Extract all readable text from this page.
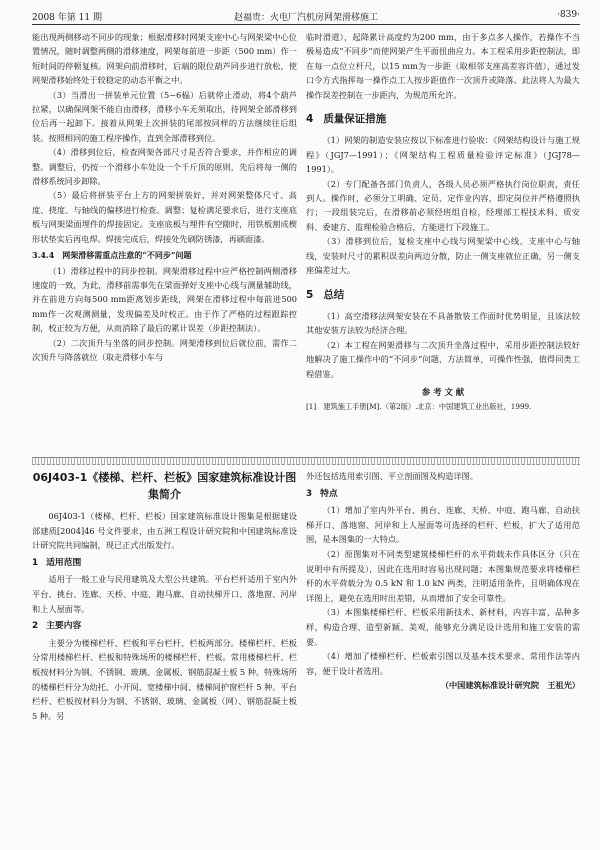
2008 年第 11 期	赵福贵：火电厂汽机房网架滑移施工	·839·

能出现两侧移动不同步的现象；根据滑移时网架支座中心与网架梁中心位置情况，随时调整两侧的滑移速度，网架每前进一步距（500 mm）作一短时间的停顿复核。网架向前滑移时，后端的限位葫芦同步进行放松，使网架滑移始终处于较稳定的动态平衡之中。

（3）当滑出一拼装单元位置（5~6榀）后就停止滑动，将4个葫芦拉紧，以确保网架不能自由滑移，滑移小车无须取出，待网架全部滑移到位后再一起卸下。接着从网架上次拼装的尾部按同样的方法继续往后组装。按照相同的施工程序操作，直到全部滑移到位。

（4）滑移到位后，检查网架各部尺寸是否符合要求，并作相应的调整。调整后，仍按一个滑移小车处设一个千斤顶的原则，先后将每一侧的滑移系统同步卸除。

（5）最后将拼装平台上方的网架拼装好，并对网架整体尺寸、高度、挠度、与轴线的偏移进行检查、调整；复检满足要求后，进行支座底板与网架梁面埋件的焊接固定。支座底板与埋件有空隙时，用铁板割成楔形状垫实后再电焊。焊接完成后，焊接处先刷防锈漆，再刷面漆。

3.4.4　网架滑移需重点注意的“不同步”问题

（1）滑移过程中的同步控制。网架滑移过程中应严格控制两侧滑移速度的一致，为此，滑移前需事先在梁面弹好支座中心线与测量辅助线，并在前进方向每500 mm距离划步距线，网架在滑移过程中每前进500 mm作一次观测测量，发现偏差及时校正。由于作了严格的过程跟踪控制，校正较为方便，从而消除了最后的累计误差（步距控制法）。

（2）二次顶升与坐落的同步控制。网架滑移到位后就位前，需作二次顶升与降落就位（取走滑移小车与

临时滑道），起降累计高度约为200 mm，由于多点多人操作，若操作不当极易造成“不同步”而使网架产生平面扭曲应力。本工程采用步距控制法，即在每一点位立杆尺，以15 mm为一步距（取相邻支座高差容许值），通过发口令方式指挥每一操作点工人按步距值作一次顶升或降落。此法将人为最大操作误差控制在一步距内，为规范所允许。

4 质量保证措施

（1）网架的制造安装应按以下标准进行验收：《网架结构设计与施工规程》（JGJ7—1991）；《网架结构工程质量检验评定标准》（JGJ78—1991）。

（2）专门配备各部门负责人，各级人员必须严格执行岗位职责，责任到人。操作时，必须分工明确、定员、定作业内容，即定岗位并严格遵照执行；一段组装完后，在滑移前必须经班组自检，经理部工程技术科、质安科、委建方、监理检验合格后，方能进行下段施工。

（3）滑移到位后，复检支座中心线与网架梁中心线、支座中心与轴线，安装时尺寸的累积误差向两边分散，防止一侧支座就位正确，另一侧支座偏差过大。

5 总结

（1）高空滑移法网架安装在不具备散装工作面时优势明显，且该法较其他安装方法较为经济合理。

（2）本工程在网架滑移与二次顶升坐落过程中，采用步距控制法较好地解决了施工操作中的“不同步”问题，方法简单，可操作性强，值得同类工程借鉴。

参 考 文 献

[1]　建筑施工手册[M].（第2版）.北京：中国建筑工业出版社，1999.

06J403-1《楼梯、栏杆、栏板》国家建筑标准设计图集简介

06J403-1（楼梯、栏杆、栏板）国家建筑标准设计图集是根据建设部建质[2004]46 号文件要求，由五洲工程设计研究院和中国建筑标准设计研究院共同编制，现已正式出版发行。

1 适用范围

适用于一般工业与民用建筑及大型公共建筑。平台栏杆适用于室内外平台、挑台、连廊、天桥、中庭、跑马廊、自动扶梯开口、落地窗、河岸和上人屋面等。

2 主要内容

主要分为楼梯栏杆、栏板和平台栏杆、栏板两部分。楼梯栏杆、栏板分常用楼梯栏杆、栏板和特殊场所的楼梯栏杆、栏板。常用楼梯栏杆、栏板按材料分为钢、不锈钢、玻璃、金属板、钢筋混凝土板 5 种。特殊场所的楼梯栏杆分为幼托、小开间、宽楼梯中间、楼梯间护窗栏杆 5 种。平台栏杆、栏板按材料分为钢、不锈钢、玻璃、金属板（网）、钢筋混凝土板 5 种。另

外还包括选用索引图、平立剖面图及构造详图。

3 特点

（1）增加了室内外平台、挑台、连廊、天桥、中庭、跑马廊、自动扶梯开口、落地窗、河岸和上人屋面等可选择的栏杆、栏板，扩大了适用范围，是本图集的一大特点。

（2）原图集对不同类型建筑楼梯栏杆的水平荷载未作具体区分（只在说明中有所提及），因此在选用时容易出现问题；本图集规范要求将楼梯栏杆的水平荷载分为 0.5 kN 和 1.0 kN 两类，注明适用条件，且明确体现在详图上，避免在选用时出差错，从而增加了安全可靠性。

（3）本图集楼梯栏杆、栏板采用新技术、新材料，内容丰富、品种多样，构造合理、造型新颖、美观，能够充分满足设计选用和施工安装的需要。

（4）增加了楼梯栏杆、栏板索引图以及基本技术要求、常用作法等内容，便于设计者选用。

（中国建筑标准设计研究院　王祖光）
